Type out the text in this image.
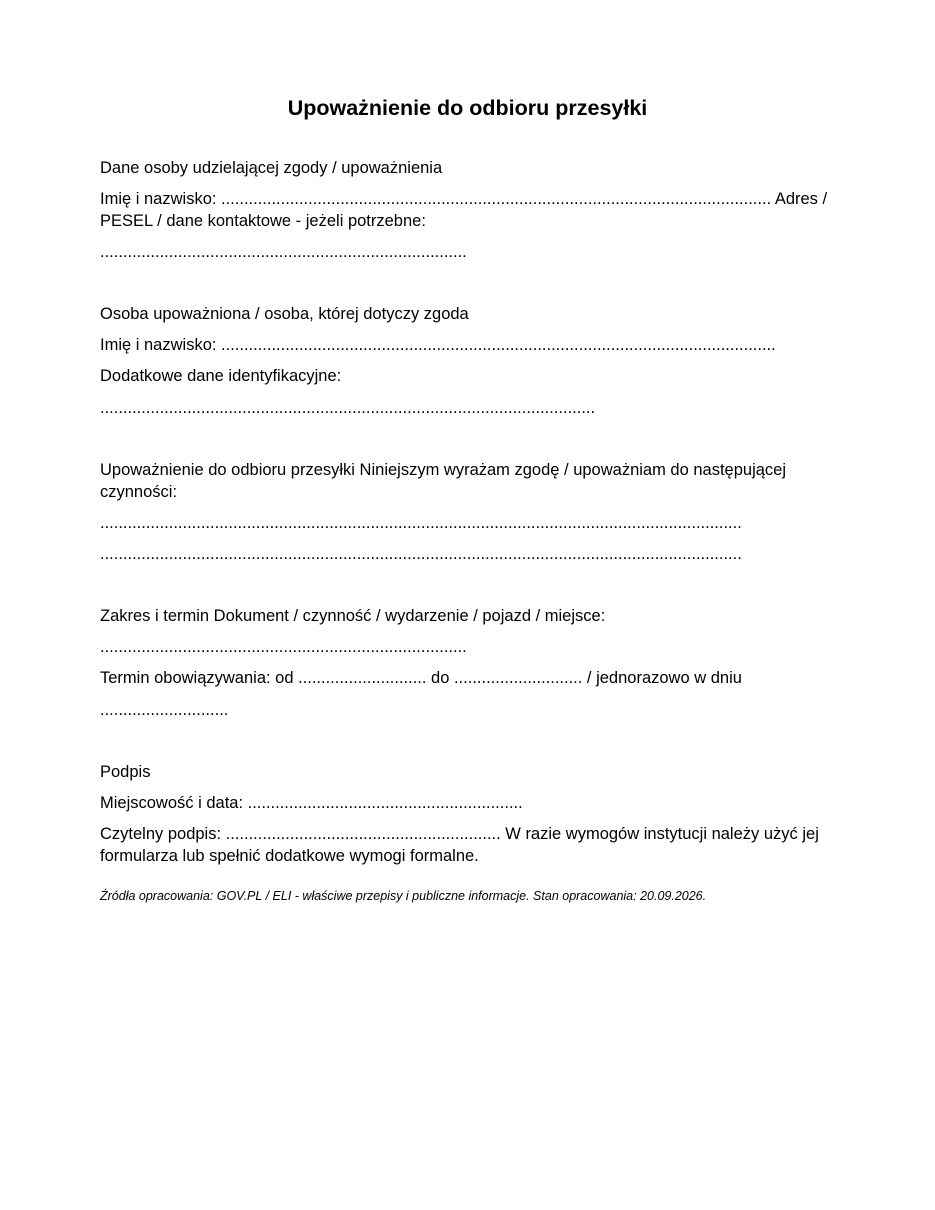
Upoważnienie do odbioru przesyłki

Dane osoby udzielającej zgody / upoważnienia

Imię i nazwisko: ........................................................................................................................ Adres / PESEL / dane kontaktowe - jeżeli potrzebne:

................................................................................

Osoba upoważniona / osoba, której dotyczy zgoda

Imię i nazwisko: .........................................................................................................................

Dodatkowe dane identyfikacyjne:

............................................................................................................

Upoważnienie do odbioru przesyłki Niniejszym wyrażam zgodę / upoważniam do następującej czynności:

............................................................................................................................................

............................................................................................................................................

Zakres i termin Dokument / czynność / wydarzenie / pojazd / miejsce:

................................................................................

Termin obowiązywania: od ............................ do ............................ / jednorazowo w dniu

............................

Podpis

Miejscowość i data: ............................................................

Czytelny podpis: ............................................................ W razie wymogów instytucji należy użyć jej formularza lub spełnić dodatkowe wymogi formalne.

Źródła opracowania: GOV.PL / ELI - właściwe przepisy i publiczne informacje. Stan opracowania: 20.09.2026.
